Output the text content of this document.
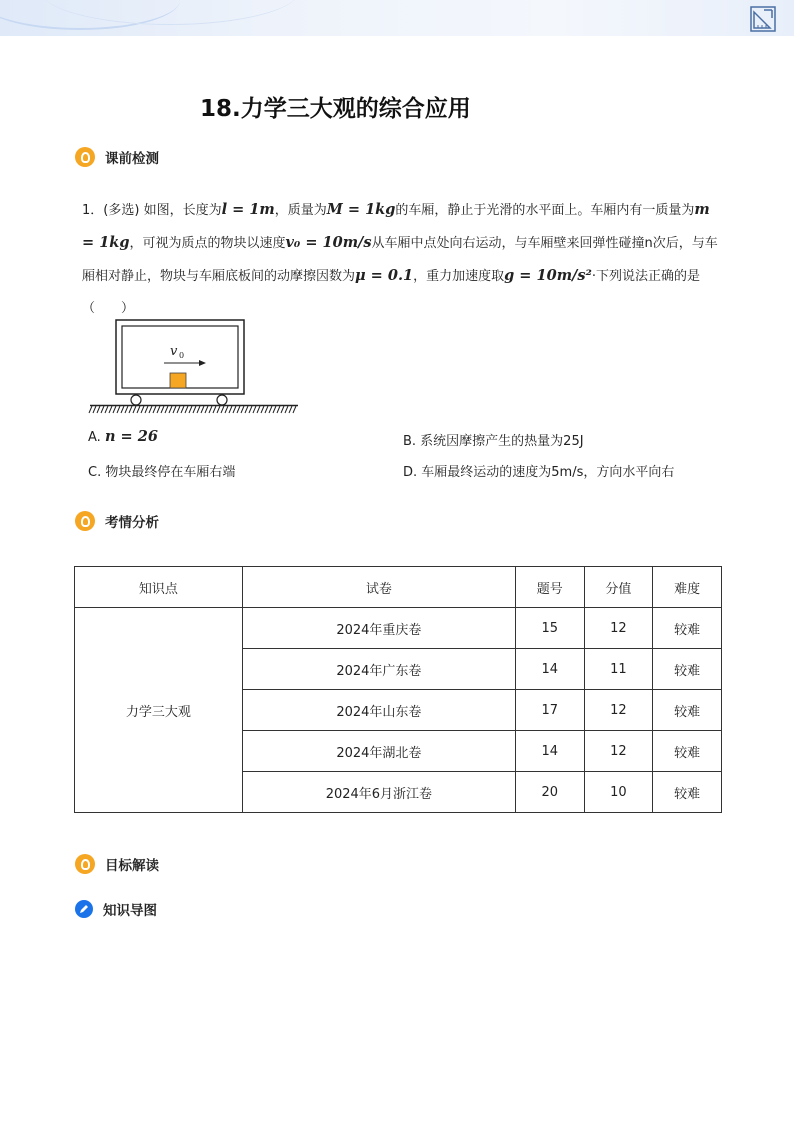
18.力学三大观的综合应用
课前检测
1．(多选) 如图，长度为l = 1m，质量为M = 1kg的车厢，静止于光滑的水平面上。车厢内有一质量为m = 1kg，可视为质点的物块以速度v₀ = 10m/s从车厢中点处向右运动，与车厢壁来回弹性碰撞n次后，与车厢相对静止，物块与车厢底板间的动摩擦因数为μ = 0.1，重力加速度取g = 10m/s²·下列说法正确的是（　　）
v 0
A. n = 26	B. 系统因摩擦产生的热量为25J
C. 物块最终停在车厢右端	D. 车厢最终运动的速度为5m/s，方向水平向右
考情分析
知识点	试卷	题号	分值	难度
力学三大观	2024年重庆卷	15	12	较难
	2024年广东卷	14	11	较难
	2024年山东卷	17	12	较难
	2024年湖北卷	14	12	较难
	2024年6月浙江卷	20	10	较难
目标解读
知识导图
